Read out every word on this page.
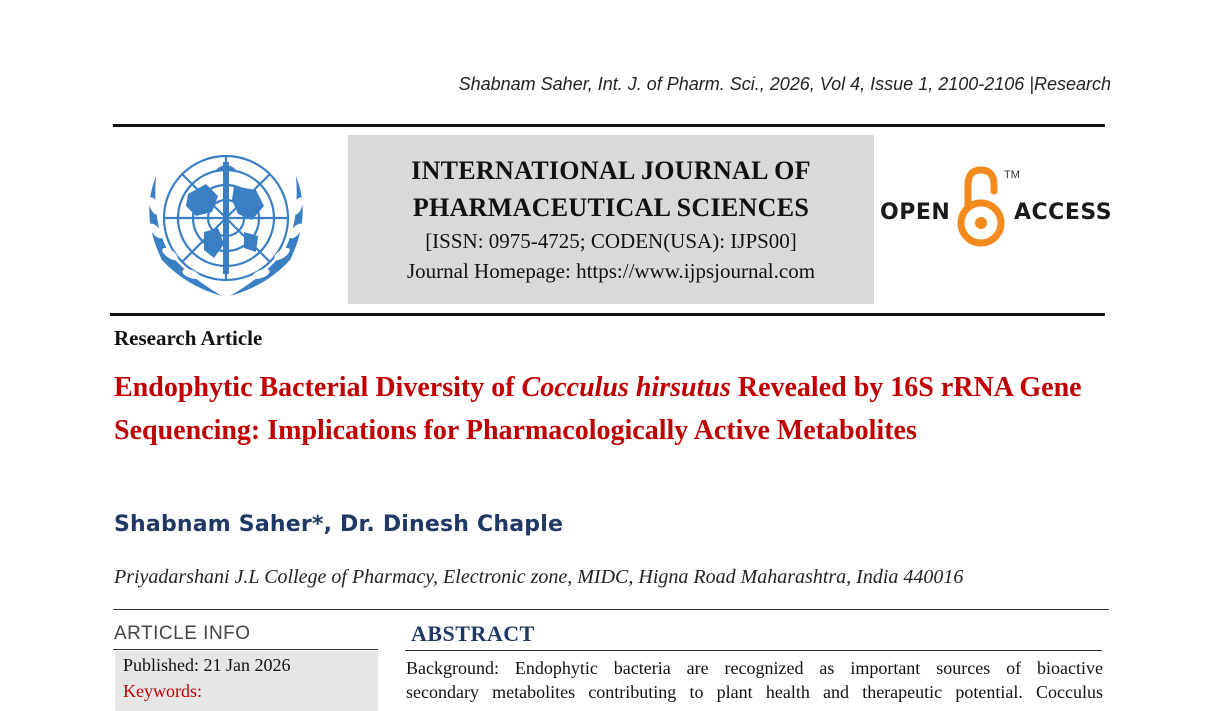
Shabnam Saher, Int. J. of Pharm. Sci., 2026, Vol 4, Issue 1, 2100-2106 |Research
INTERNATIONAL JOURNAL OF
PHARMACEUTICAL SCIENCES
[ISSN: 0975-4725; CODEN(USA): IJPS00]
Journal Homepage: https://www.ijpsjournal.com
OPEN
TM
ACCESS
Research Article
Endophytic Bacterial Diversity of Cocculus hirsutus Revealed by 16S rRNA Gene Sequencing: Implications for Pharmacologically Active Metabolites
Shabnam Saher*, Dr. Dinesh Chaple
Priyadarshani J.L College of Pharmacy, Electronic zone, MIDC, Higna Road Maharashtra, India 440016
ARTICLE INFO
Published: 21 Jan 2026
Keywords:
ABSTRACT
Background: Endophytic bacteria are recognized as important sources of bioactive
secondary metabolites contributing to plant health and therapeutic potential. Cocculus
